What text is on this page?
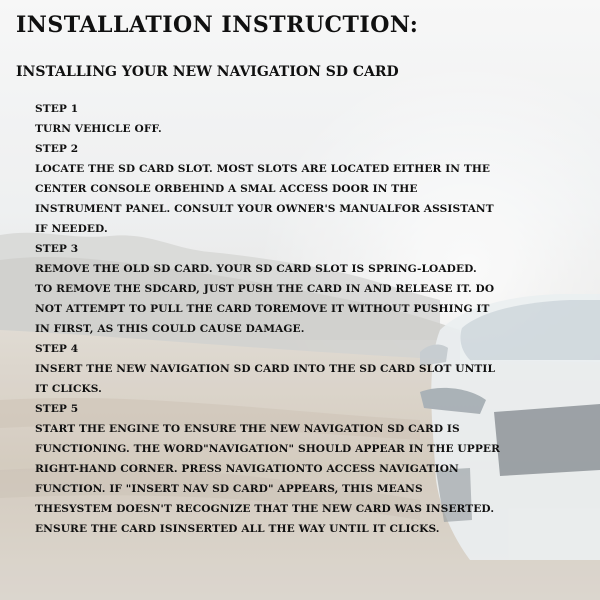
INSTALLATION INSTRUCTION:
INSTALLING YOUR NEW NAVIGATION SD CARD
STEP 1
TURN VEHICLE OFF.
STEP 2
LOCATE THE SD CARD SLOT. MOST SLOTS ARE LOCATED EITHER IN THE
CENTER CONSOLE ORBEHIND A SMAL ACCESS DOOR IN THE
INSTRUMENT PANEL. CONSULT YOUR OWNER'S MANUALFOR ASSISTANT
IF NEEDED.
STEP 3
REMOVE THE OLD SD CARD. YOUR SD CARD SLOT IS SPRING-LOADED.
TO REMOVE THE SDCARD, JUST PUSH THE CARD IN AND RELEASE IT. DO
NOT ATTEMPT TO PULL THE CARD TOREMOVE IT WITHOUT PUSHING IT
IN FIRST, AS THIS COULD CAUSE DAMAGE.
STEP 4
INSERT THE NEW NAVIGATION SD CARD INTO THE SD CARD SLOT UNTIL
IT CLICKS.
STEP 5
START THE ENGINE TO ENSURE THE NEW NAVIGATION SD CARD IS
FUNCTIONING. THE WORD"NAVIGATION" SHOULD APPEAR IN THE UPPER
RIGHT-HAND CORNER. PRESS NAVIGATIONTO ACCESS NAVIGATION
FUNCTION. IF "INSERT NAV SD CARD" APPEARS, THIS MEANS
THESYSTEM DOESN'T RECOGNIZE THAT THE NEW CARD WAS INSERTED.
ENSURE THE CARD ISINSERTED ALL THE WAY UNTIL IT CLICKS.
